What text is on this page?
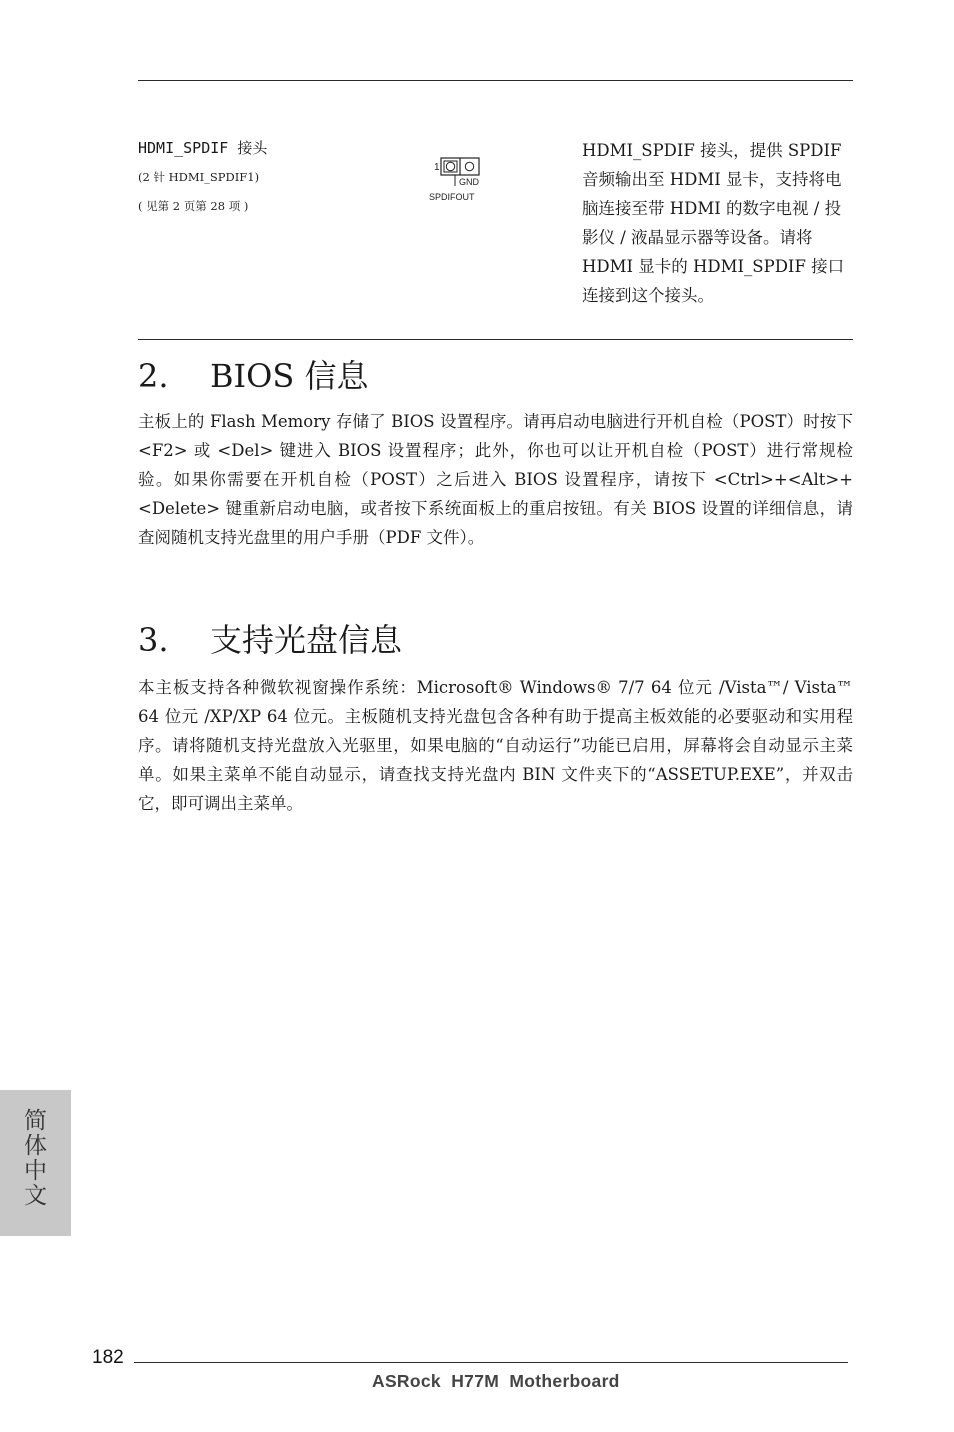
HDMI_SPDIF 接头
(2 针 HDMI_SPDIF1)
( 见第 2 页第 28 项 )
1
GND
SPDIFOUT
HDMI_SPDIF 接头，提供 SPDIF 音频输出至 HDMI 显卡，支持将电脑连接至带 HDMI 的数字电视 / 投影仪 / 液晶显示器等设备。请将 HDMI 显卡的 HDMI_SPDIF 接口连接到这个接头。
2. BIOS 信息

主板上的 Flash Memory 存储了 BIOS 设置程序。请再启动电脑进行开机自检（POST）时按下 <F2> 或 <Del> 键进入 BIOS 设置程序；此外，你也可以让开机自检（POST）进行常规检验。如果你需要在开机自检（POST）之后进入 BIOS 设置程序，请按下 <Ctrl>+<Alt>+<Delete> 键重新启动电脑，或者按下系统面板上的重启按钮。有关 BIOS 设置的详细信息，请查阅随机支持光盘里的用户手册（PDF 文件）。

3. 支持光盘信息

本主板支持各种微软视窗操作系统：Microsoft® Windows® 7/7 64 位元 /Vista™/ Vista™ 64 位元 /XP/XP 64 位元。主板随机支持光盘包含各种有助于提高主板效能的必要驱动和实用程序。请将随机支持光盘放入光驱里，如果电脑的“自动运行”功能已启用，屏幕将会自动显示主菜单。如果主菜单不能自动显示，请查找支持光盘内 BIN 文件夹下的“ASSETUP.EXE”，并双击它，即可调出主菜单。

简体中文
182
ASRock  H77M  Motherboard
